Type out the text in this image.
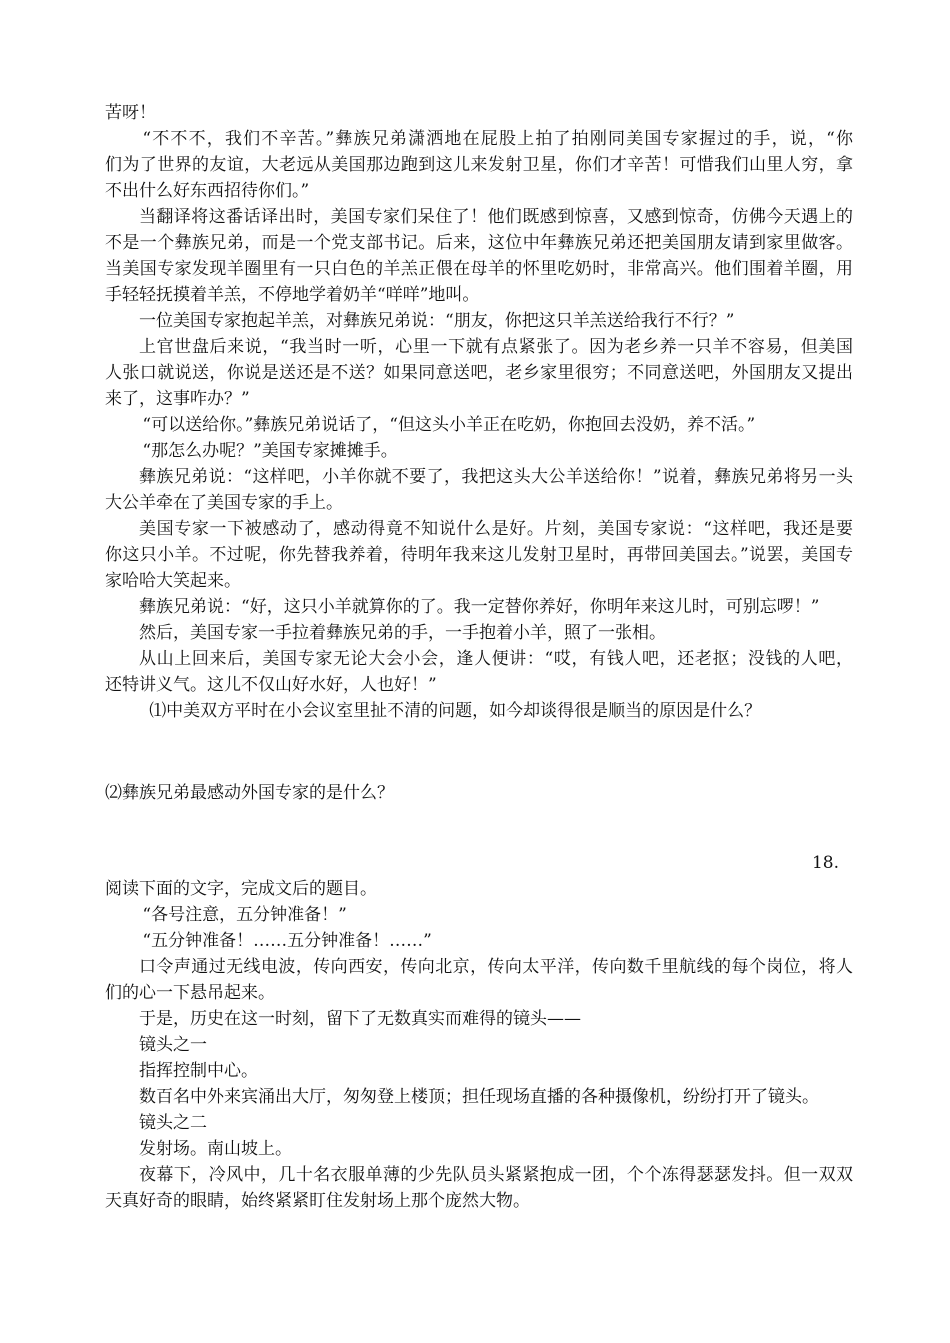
苦呀！
“不不不，我们不辛苦。”彝族兄弟潇洒地在屁股上拍了拍刚同美国专家握过的手，说，“你
们为了世界的友谊，大老远从美国那边跑到这儿来发射卫星，你们才辛苦！可惜我们山里人穷，拿
不出什么好东西招待你们。”
当翻译将这番话译出时，美国专家们呆住了！他们既感到惊喜，又感到惊奇，仿佛今天遇上的
不是一个彝族兄弟，而是一个党支部书记。后来，这位中年彝族兄弟还把美国朋友请到家里做客。
当美国专家发现羊圈里有一只白色的羊羔正偎在母羊的怀里吃奶时，非常高兴。他们围着羊圈，用
手轻轻抚摸着羊羔，不停地学着奶羊“咩咩”地叫。
一位美国专家抱起羊羔，对彝族兄弟说：“朋友，你把这只羊羔送给我行不行？”
上官世盘后来说，“我当时一听，心里一下就有点紧张了。因为老乡养一只羊不容易，但美国
人张口就说送，你说是送还是不送？如果同意送吧，老乡家里很穷；不同意送吧，外国朋友又提出
来了，这事咋办？”
“可以送给你。”彝族兄弟说话了，“但这头小羊正在吃奶，你抱回去没奶，养不活。”
“那怎么办呢？”美国专家摊摊手。
彝族兄弟说：“这样吧，小羊你就不要了，我把这头大公羊送给你！”说着，彝族兄弟将另一头
大公羊牵在了美国专家的手上。
美国专家一下被感动了，感动得竟不知说什么是好。片刻，美国专家说：“这样吧，我还是要
你这只小羊。不过呢，你先替我养着，待明年我来这儿发射卫星时，再带回美国去。”说罢，美国专
家哈哈大笑起来。
彝族兄弟说：“好，这只小羊就算你的了。我一定替你养好，你明年来这儿时，可别忘啰！”
然后，美国专家一手拉着彝族兄弟的手，一手抱着小羊，照了一张相。
从山上回来后，美国专家无论大会小会，逢人便讲：“哎，有钱人吧，还老抠；没钱的人吧，
还特讲义气。这儿不仅山好水好，人也好！”
⑴中美双方平时在小会议室里扯不清的问题，如今却谈得很是顺当的原因是什么？
⑵彝族兄弟最感动外国专家的是什么？
18.
阅读下面的文字，完成文后的题目。
“各号注意，五分钟准备！”
“五分钟准备！……五分钟准备！……”
口令声通过无线电波，传向西安，传向北京，传向太平洋，传向数千里航线的每个岗位，将人
们的心一下悬吊起来。
于是，历史在这一时刻，留下了无数真实而难得的镜头——
镜头之一
指挥控制中心。
数百名中外来宾涌出大厅，匆匆登上楼顶；担任现场直播的各种摄像机，纷纷打开了镜头。
镜头之二
发射场。南山坡上。
夜幕下，冷风中，几十名衣服单薄的少先队员头紧紧抱成一团，个个冻得瑟瑟发抖。但一双双
天真好奇的眼睛，始终紧紧盯住发射场上那个庞然大物。
